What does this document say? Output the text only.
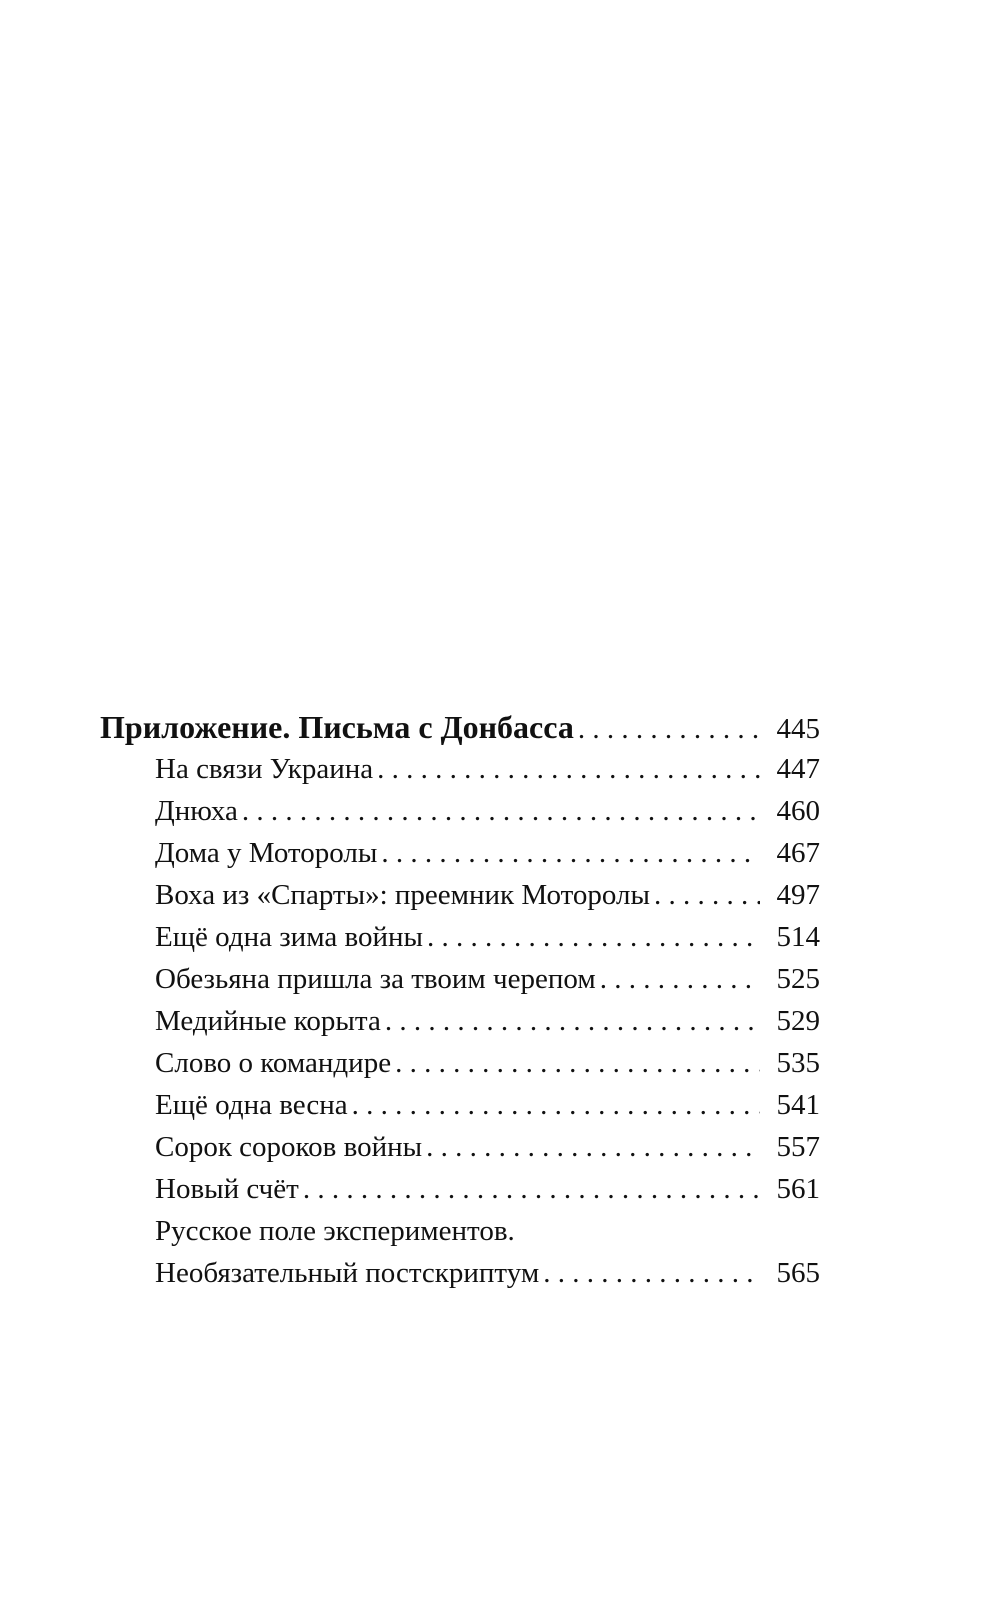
Приложение. Письма с Донбасса . . .	445
На связи Украина . . .	447
Днюха . . .	460
Дома у Моторолы . . .	467
Воха из «Спарты»: преемник Моторолы . . .	497
Ещё одна зима войны . . .	514
Обезьяна пришла за твоим черепом . . .	525
Медийные корыта . . .	529
Слово о командире . . .	535
Ещё одна весна . . .	541
Сорок сороков войны . . .	557
Новый счёт . . .	561
Русское поле экспериментов.
Необязательный постскриптум . . .	565
